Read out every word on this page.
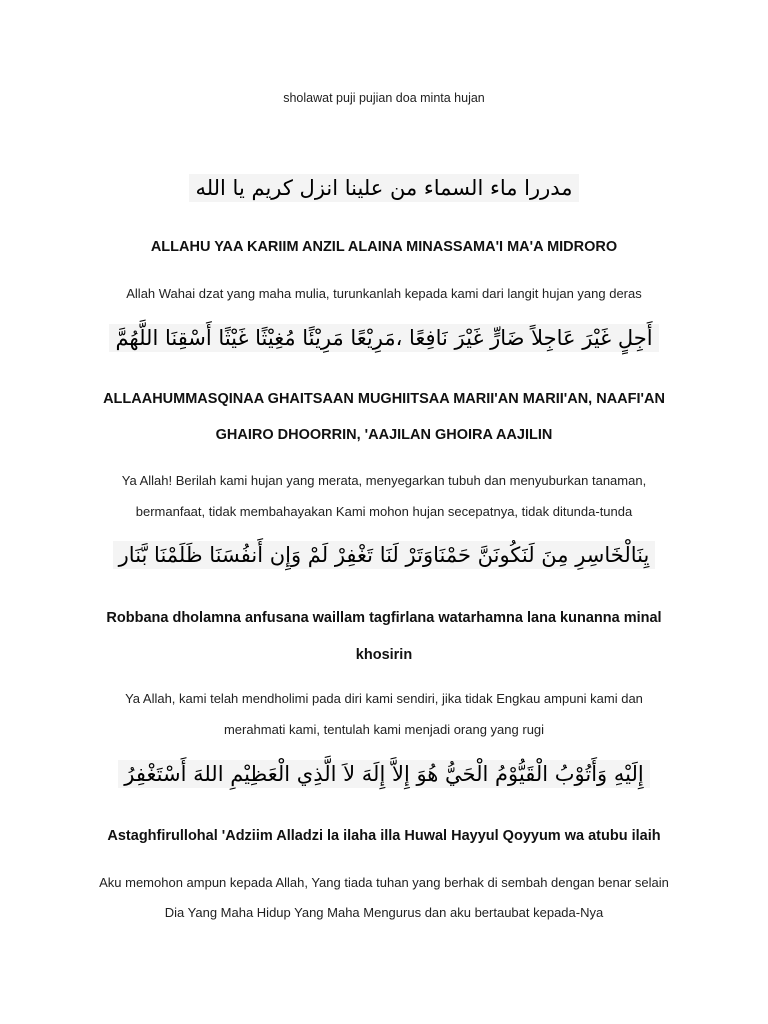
sholawat puji pujian doa minta hujan
مدررا ماء السماء من علينا انزل كريم يا الله
ALLAHU YAA KARIIM ANZIL ALAINA MINASSAMA'I MA'A MIDRORO
Allah Wahai dzat yang maha mulia, turunkanlah kepada kami dari langit hujan yang deras
أَجِلٍ غَيْرَ عَاجِلاً ضَارٍّ غَيْرَ نَافِعًا ،مَرِيْعًا مَرِيْئًا مُغِيْثًا غَيْثًا أَسْقِنَا اللَّهُمَّ
ALLAAHUMMASQINAA GHAITSAAN MUGHIITSAA MARII'AN MARII'AN, NAAFI'AN
GHAIRO DHOORRIN, 'AAJILAN GHOIRA AAJILIN
Ya Allah! Berilah kami hujan yang merata, menyegarkan tubuh dan menyuburkan tanaman,
bermanfaat, tidak membahayakan Kami mohon hujan secepatnya, tidak ditunda-tunda
يِنَالْخَاسِرِ مِنَ لَنَكُونَنَّ حَمْنَاوَتَرْ لَنَا تَغْفِرْ لَمْ وَإِن أَنفُسَنَا ظَلَمْنَا بَّنَار
Robbana dholamna anfusana waillam tagfirlana watarhamna lana kunanna minal
khosirin
Ya Allah, kami telah mendholimi pada diri kami sendiri, jika tidak Engkau ampuni kami dan
merahmati kami, tentulah kami menjadi orang yang rugi
إِلَيْهِ وَأَتُوْبُ الْقَيُّوْمُ الْحَيُّ هُوَ إِلاَّ إِلَهَ لاَ الَّذِي الْعَظِيْمِ اللهَ أَسْتَغْفِرُ
Astaghfirullohal 'Adziim Alladzi la ilaha illa Huwal Hayyul Qoyyum wa atubu ilaih
Aku memohon ampun kepada Allah, Yang tiada tuhan yang berhak di sembah dengan benar selain
Dia Yang Maha Hidup Yang Maha Mengurus dan aku bertaubat kepada-Nya
